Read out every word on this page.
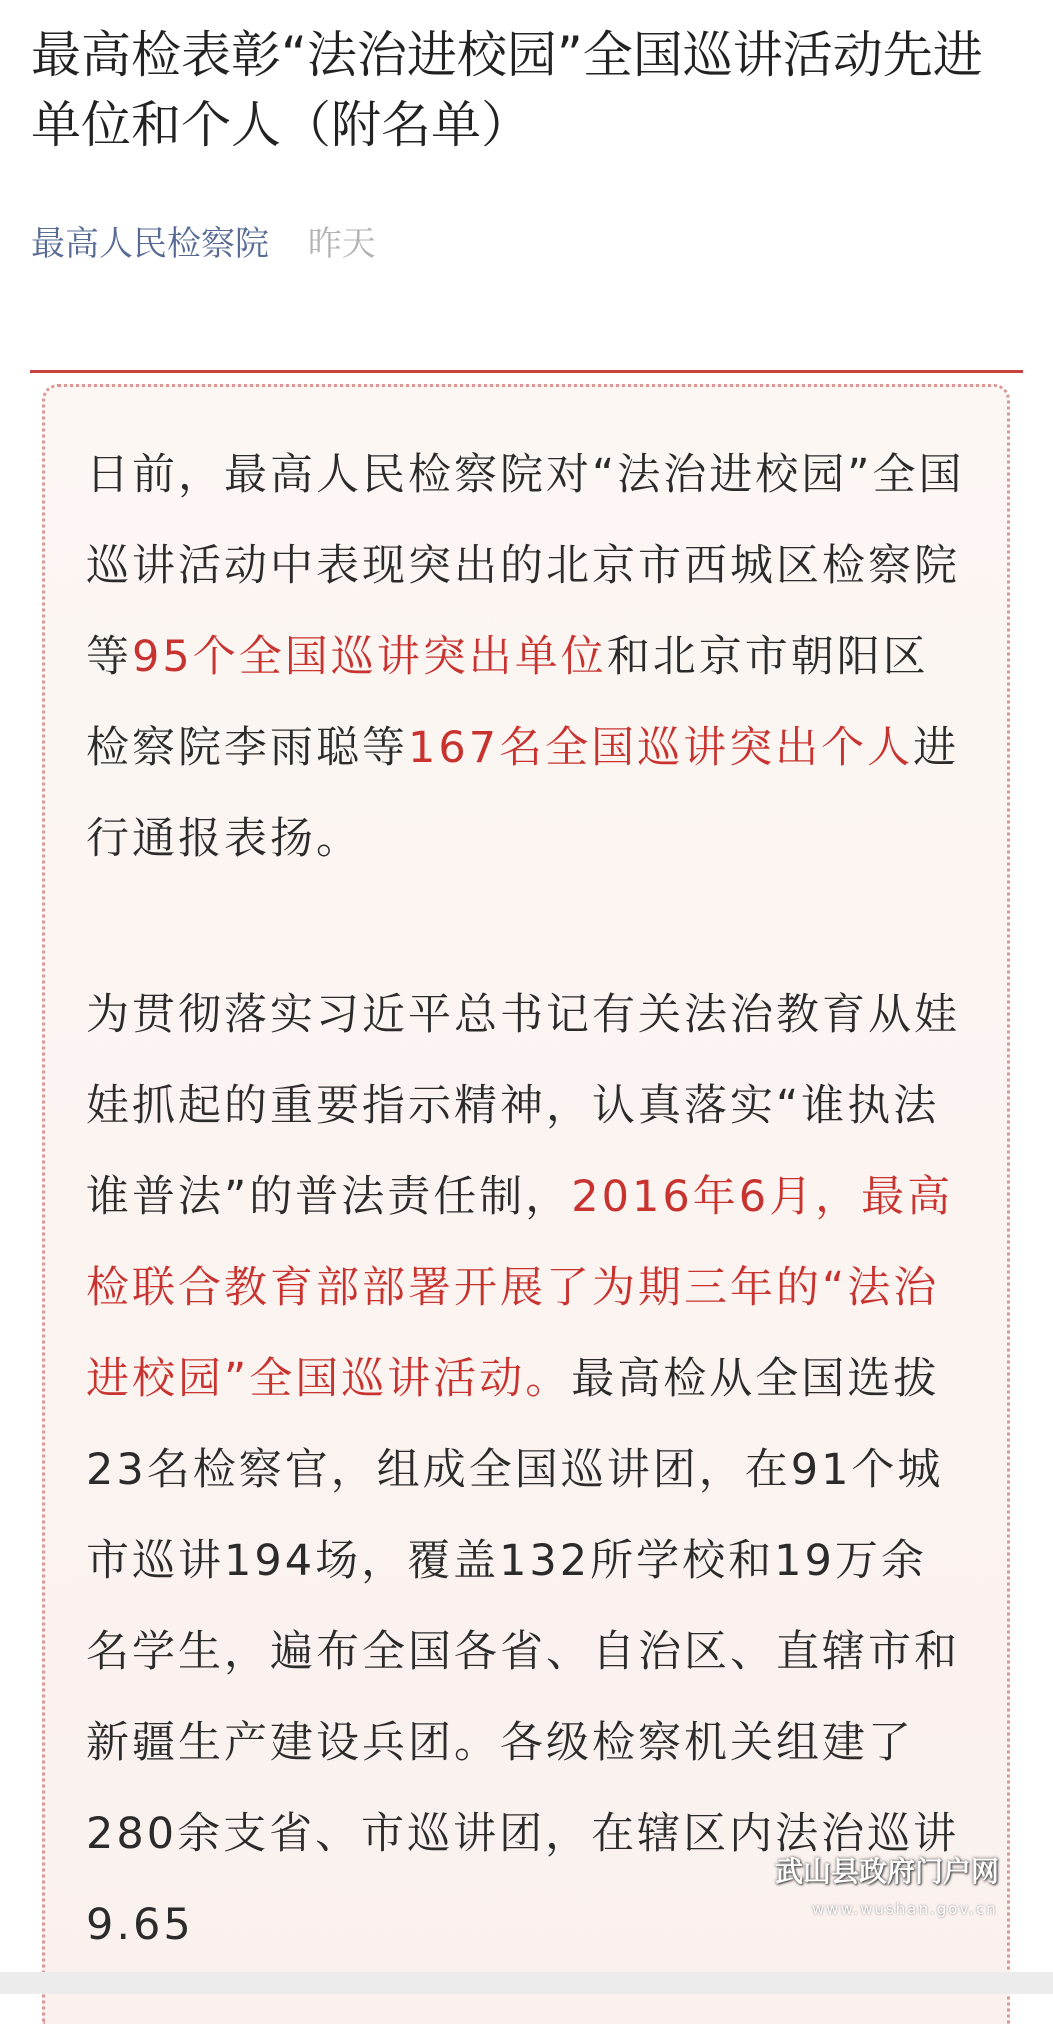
最高检表彰“法治进校园”全国巡讲活动先进单位和个人（附名单）
最高人民检察院 昨天

日前，最高人民检察院对“法治进校园”全国巡讲活动中表现突出的北京市西城区检察院等95个全国巡讲突出单位和北京市朝阳区检察院李雨聪等167名全国巡讲突出个人进行通报表扬。

为贯彻落实习近平总书记有关法治教育从娃娃抓起的重要指示精神，认真落实“谁执法谁普法”的普法责任制，2016年6月，最高检联合教育部部署开展了为期三年的“法治进校园”全国巡讲活动。最高检从全国选拔23名检察官，组成全国巡讲团，在91个城市巡讲194场，覆盖132所学校和19万余名学生，遍布全国各省、自治区、直辖市和新疆生产建设兵团。各级检察机关组建了280余支省、市巡讲团，在辖区内法治巡讲9.65

武山县政府门户网
www.wushan.gov.cn
